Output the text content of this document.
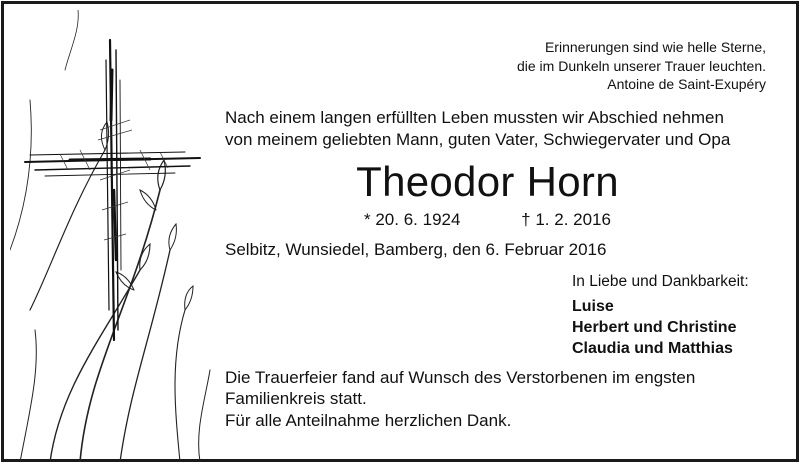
Erinnerungen sind wie helle Sterne,
die im Dunkeln unserer Trauer leuchten.
Antoine de Saint-Exupéry
Nach einem langen erfüllten Leben mussten wir Abschied nehmen
von meinem geliebten Mann, guten Vater, Schwiegervater und Opa
Theodor Horn
* 20. 6. 1924	† 1. 2. 2016
Selbitz, Wunsiedel, Bamberg, den 6. Februar 2016
In Liebe und Dankbarkeit:
Luise
Herbert und Christine
Claudia und Matthias
Die Trauerfeier fand auf Wunsch des Verstorbenen im engsten
Familienkreis statt.
Für alle Anteilnahme herzlichen Dank.
